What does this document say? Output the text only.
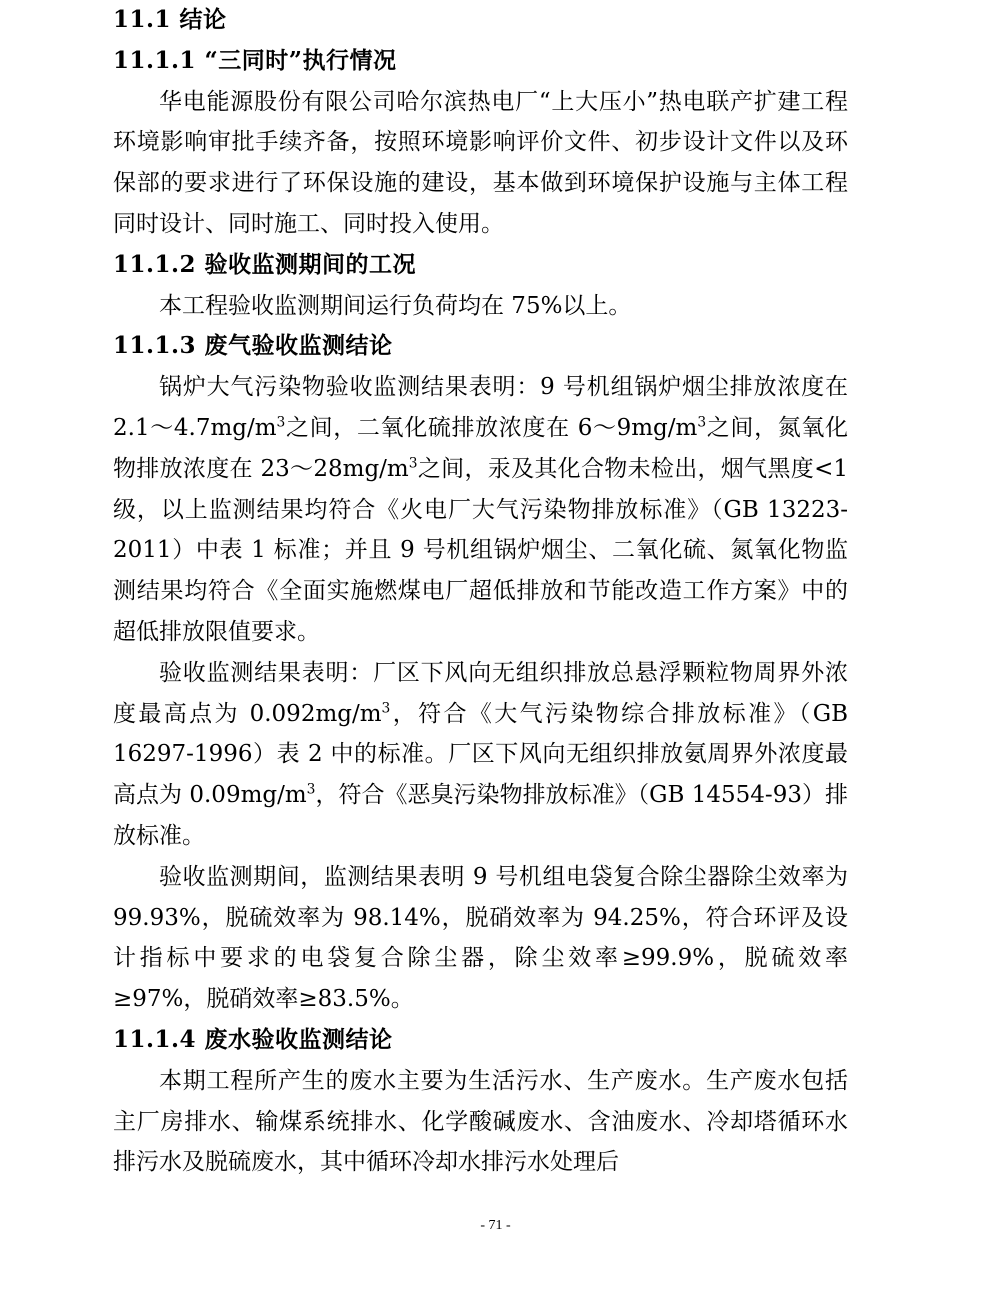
11.1 结论
11.1.1 “三同时”执行情况

华电能源股份有限公司哈尔滨热电厂“上大压小”热电联产扩建工程环境影响审批手续齐备，按照环境影响评价文件、初步设计文件以及环保部的要求进行了环保设施的建设，基本做到环境保护设施与主体工程同时设计、同时施工、同时投入使用。

11.1.2 验收监测期间的工况

本工程验收监测期间运行负荷均在 75%以上。

11.1.3 废气验收监测结论

锅炉大气污染物验收监测结果表明：9 号机组锅炉烟尘排放浓度在 $2.1\sim 4.7mg/m^3$之间，二氧化硫排放浓度在 $6\sim 9mg/m^3$之间，氮氧化物排放浓度在 $23\sim 28mg/m^3$之间，汞及其化合物未检出，烟气黑度<1 级，以上监测结果均符合《火电厂大气污染物排放标准》（GB 13223-2011）中表 1 标准；并且 9 号机组锅炉烟尘、二氧化硫、氮氧化物监测结果均符合《全面实施燃煤电厂超低排放和节能改造工作方案》中的超低排放限值要求。

验收监测结果表明：厂区下风向无组织排放总悬浮颗粒物周界外浓度最高点为 $0.092mg/m^3$，符合《大气污染物综合排放标准》（GB 16297-1996）表 2 中的标准。厂区下风向无组织排放氨周界外浓度最高点为 $0.09mg/m^3$，符合《恶臭污染物排放标准》（GB 14554-93）排放标准。

验收监测期间，监测结果表明 9 号机组电袋复合除尘器除尘效率为 99.93%，脱硫效率为 98.14%，脱硝效率为 94.25%，符合环评及设计指标中要求的电袋复合除尘器，除尘效率≥99.9%，脱硫效率≥97%，脱硝效率≥83.5%。

11.1.4 废水验收监测结论

本期工程所产生的废水主要为生活污水、生产废水。生产废水包括主厂房排水、输煤系统排水、化学酸碱废水、含油废水、冷却塔循环水排污水及脱硫废水，其中循环冷却水排污水处理后

- 71 -
